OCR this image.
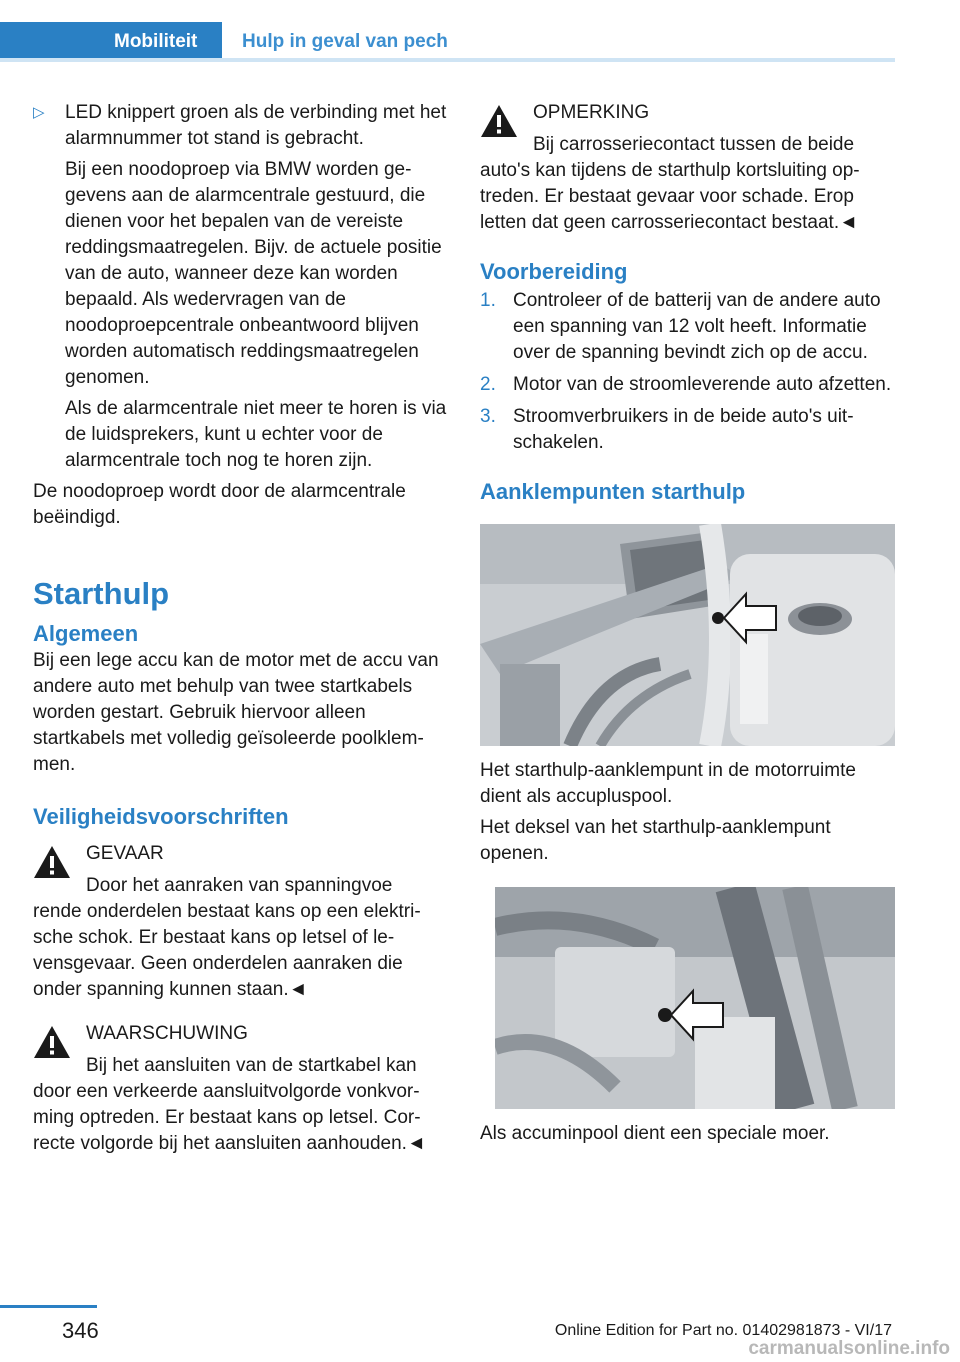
Mobiliteit	Hulp in geval van pech

▷ LED knippert groen als de verbinding met het alarmnummer tot stand is gebracht.

Bij een noodoproep via BMW worden gegevens aan de alarmcentrale gestuurd, die dienen voor het bepalen van de vereiste reddingsmaatregelen. Bijv. de actuele positie van de auto, wanneer deze kan worden bepaald. Als wedervragen van de noodoproepcentrale onbeantwoord blijven worden automatisch reddingsmaatregelen genomen.

Als de alarmcentrale niet meer te horen is via de luidsprekers, kunt u echter voor de alarmcentrale toch nog te horen zijn.

De noodoproep wordt door de alarmcentrale beëindigd.

Starthulp
Algemeen

Bij een lege accu kan de motor met de accu van andere auto met behulp van twee startkabels worden gestart. Gebruik hiervoor alleen startkabels met volledig geïsoleerde poolklemmen.

Veiligheidsvoorschriften

GEVAAR

Door het aanraken van spanningvoe

rende onderdelen bestaat kans op een elektrische schok. Er bestaat kans op letsel of levensgevaar. Geen onderdelen aanraken die onder spanning kunnen staan.◄

WAARSCHUWING

Bij het aansluiten van de startkabel kan

door een verkeerde aansluitvolgorde vonkvorming optreden. Er bestaat kans op letsel. Correcte volgorde bij het aansluiten aanhouden.◄

OPMERKING

Bij carrosseriecontact tussen de beide

auto's kan tijdens de starthulp kortsluiting optreden. Er bestaat gevaar voor schade. Erop letten dat geen carrosseriecontact bestaat.◄

Voorbereiding
1. Controleer of de batterij van de andere auto een spanning van 12 volt heeft. Informatie over de spanning bevindt zich op de accu.
2. Motor van de stroomleverende auto afzetten.
3. Stroomverbruikers in de beide auto's uitschakelen.
Aanklempunten starthulp

Het starthulp-aanklempunt in de motorruimte dient als accupluspool.

Het deksel van het starthulp-aanklempunt openen.

Als accuminpool dient een speciale moer.

346	Online Edition for Part no. 01402981873 - VI/17
carmanualsonline.info
